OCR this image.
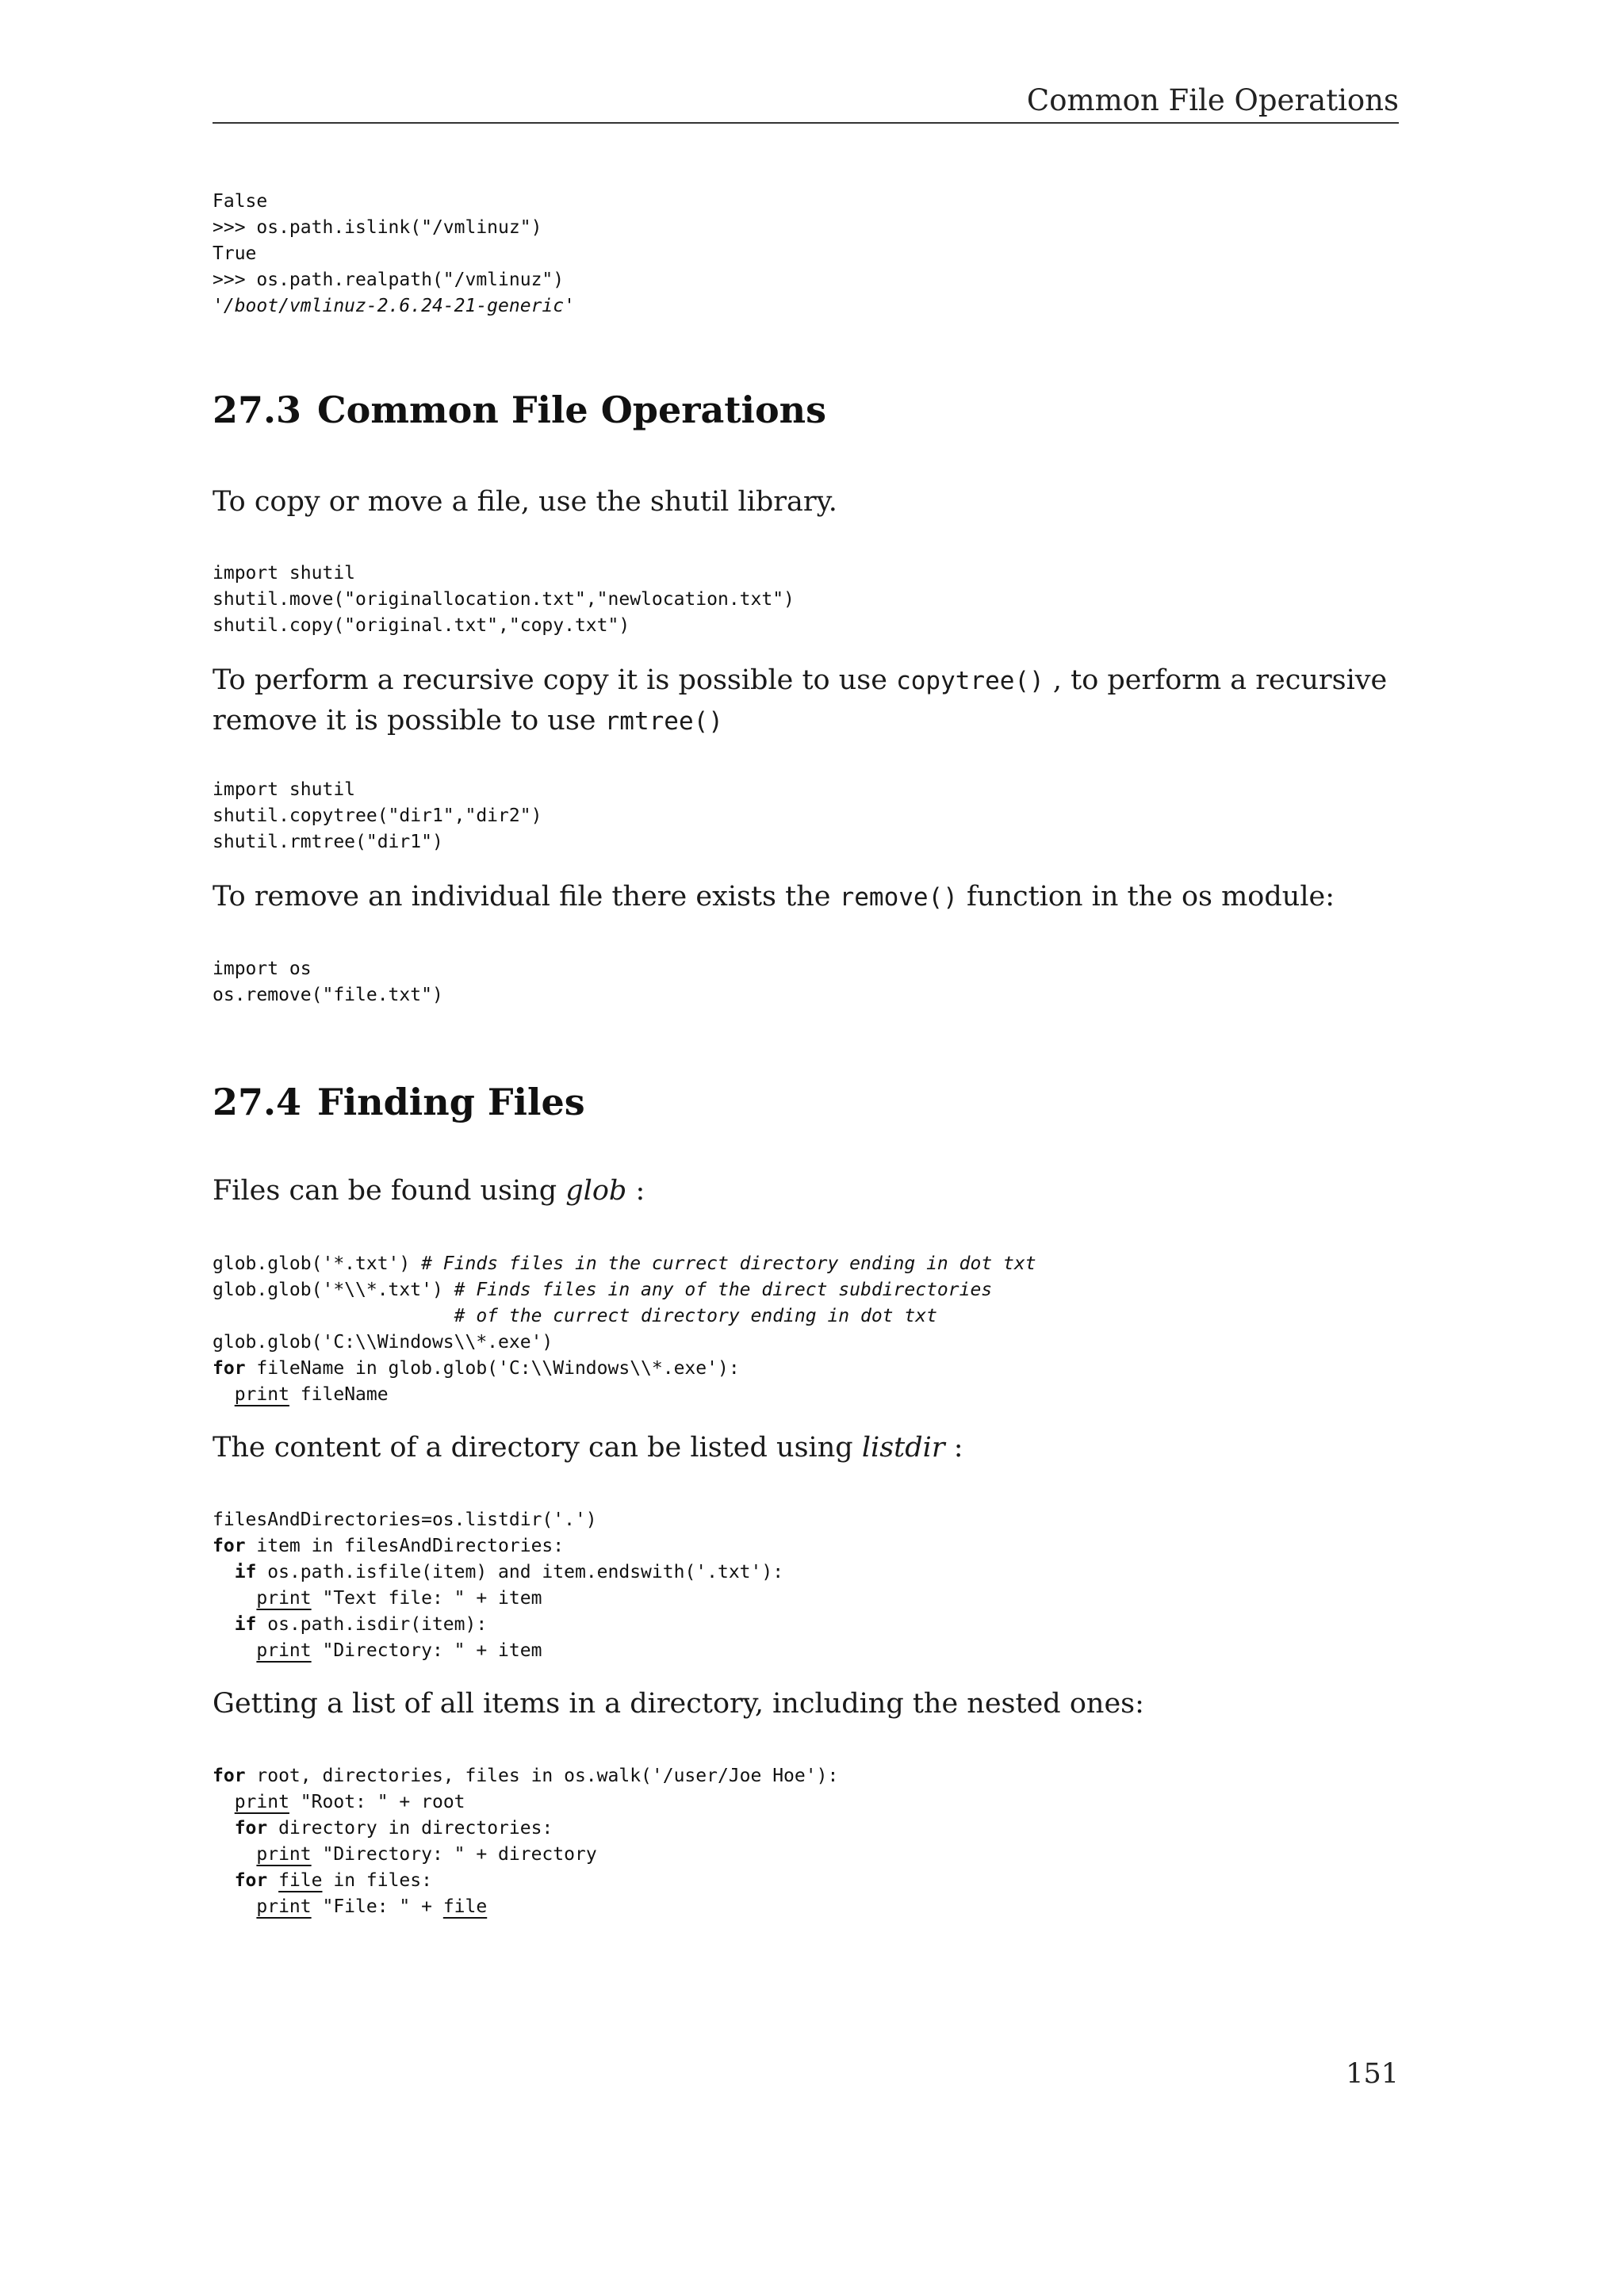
Common File Operations
False
>>> os.path.islink("/vmlinuz")
True
>>> os.path.realpath("/vmlinuz")
'/boot/vmlinuz-2.6.24-21-generic'
27.3 Common File Operations

To copy or move a file, use the shutil library.

import shutil
shutil.move("originallocation.txt","newlocation.txt")
shutil.copy("original.txt","copy.txt")

To perform a recursive copy it is possible to use copytree() , to perform a recursive remove it is possible to use rmtree()

import shutil
shutil.copytree("dir1","dir2")
shutil.rmtree("dir1")

To remove an individual file there exists the remove() function in the os module:

import os
os.remove("file.txt")
27.4 Finding Files

Files can be found using glob :

glob.glob('*.txt') # Finds files in the currect directory ending in dot txt
glob.glob('*\\*.txt') # Finds files in any of the direct subdirectories
# of the currect directory ending in dot txt
glob.glob('C:\\Windows\\*.exe')
for fileName in glob.glob('C:\\Windows\\*.exe'):
print fileName

The content of a directory can be listed using listdir :

filesAndDirectories=os.listdir('.')
for item in filesAndDirectories:
if os.path.isfile(item) and item.endswith('.txt'):
print "Text file: " + item
if os.path.isdir(item):
print "Directory: " + item

Getting a list of all items in a directory, including the nested ones:

for root, directories, files in os.walk('/user/Joe Hoe'):
print "Root: " + root
for directory in directories:
print "Directory: " + directory
for file in files:
print "File: " + file
151
